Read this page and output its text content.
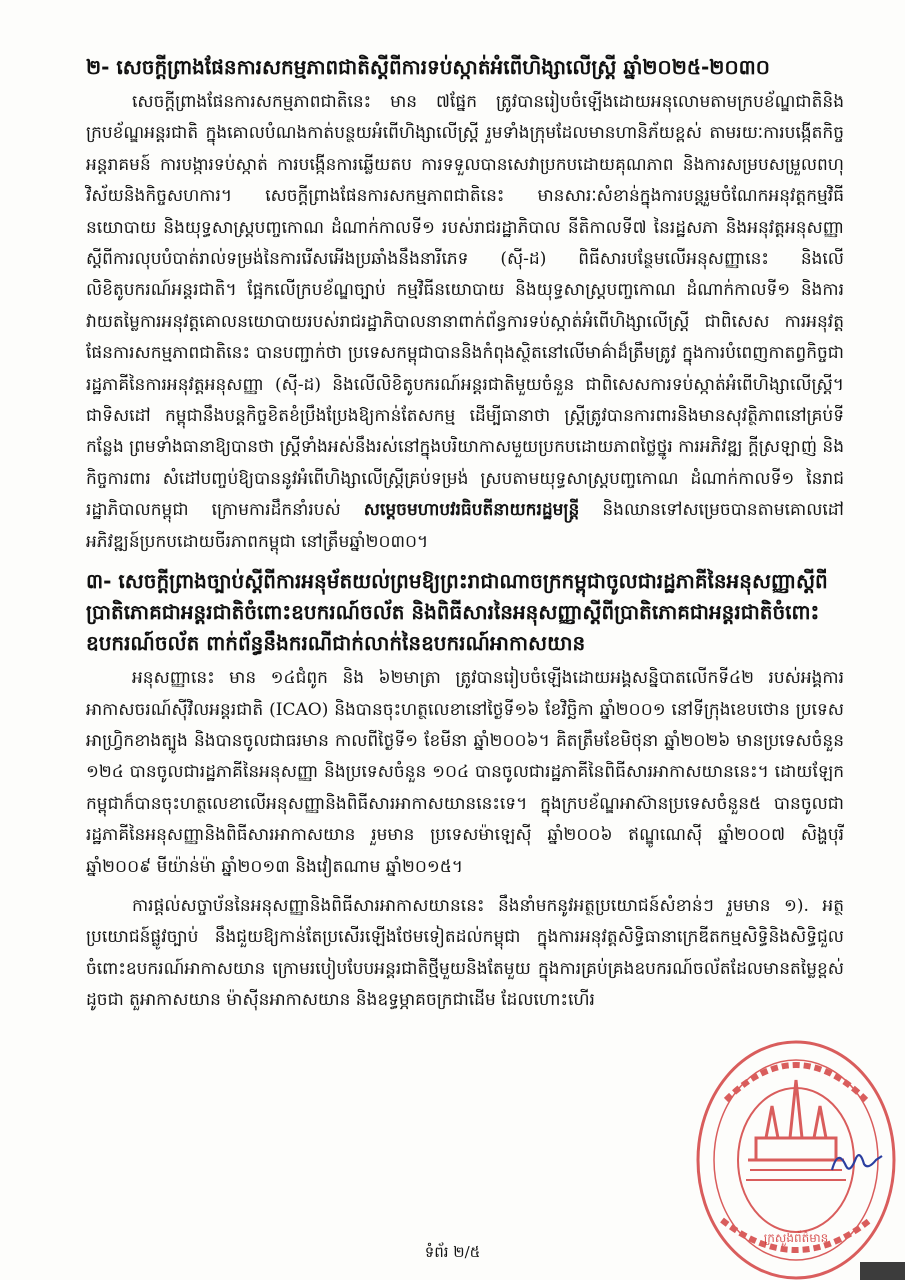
២- សេចក្តីព្រាងផែនការសកម្មភាពជាតិស្តីពីការទប់ស្កាត់អំពើហិង្សាលើស្ត្រី ឆ្នាំ២០២៥-២០៣០

សេចក្តីព្រាងផែនការសកម្មភាពជាតិនេះ មាន ៧ផ្នែក ត្រូវបានរៀបចំឡើងដោយអនុលោមតាមក្របខ័ណ្ឌជាតិនិងក្របខ័ណ្ឌអន្តរជាតិ ក្នុងគោលបំណងកាត់បន្ថយអំពើហិង្សាលើស្ត្រី រួមទាំងក្រុមដែលមានហានិភ័យខ្ពស់ តាមរយៈការបង្កើតកិច្ចអន្តរាគមន៍ ការបង្ការទប់ស្កាត់ ការបង្កើនការឆ្លើយតប ការទទួលបានសេវាប្រកបដោយគុណភាព និងការសម្របសម្រួលពហុវិស័យនិងកិច្ចសហការ។ សេចក្តីព្រាងផែនការសកម្មភាពជាតិនេះ មានសារៈសំខាន់ក្នុងការបន្តរួមចំណែកអនុវត្តកម្មវិធីនយោបាយ និងយុទ្ធសាស្ត្របញ្ចកោណ ដំណាក់កាលទី១ របស់រាជរដ្ឋាភិបាល នីតិកាលទី៧ នៃរដ្ឋសភា និងអនុវត្តអនុសញ្ញាស្តីពីការលុបបំបាត់រាល់ទម្រង់នៃការរើសអើងប្រឆាំងនឹងនារីភេទ (ស៊ី-ដ) ពិធីសារបន្ថែមលើអនុសញ្ញានេះ និងលើលិខិតូបករណ៍អន្តរជាតិ។ ផ្អែកលើក្របខ័ណ្ឌច្បាប់ កម្មវិធីនយោបាយ និងយុទ្ធសាស្ត្របញ្ចកោណ ដំណាក់កាលទី១ និងការវាយតម្លៃការអនុវត្តគោលនយោបាយរបស់រាជរដ្ឋាភិបាលនានាពាក់ព័ន្ធការទប់ស្កាត់អំពើហិង្សាលើស្ត្រី ជាពិសេស ការអនុវត្តផែនការសកម្មភាពជាតិនេះ បានបញ្ជាក់ថា ប្រទេសកម្ពុជាបាននិងកំពុងស្ថិតនៅលើមាគ៌ាដ៏ត្រឹមត្រូវ ក្នុងការបំពេញកាតព្វកិច្ចជារដ្ឋភាគីនៃការអនុវត្តអនុសញ្ញា (ស៊ី-ដ) និងលើលិខិតូបករណ៍អន្តរជាតិមួយចំនួន ជាពិសេសការទប់ស្កាត់អំពើហិង្សាលើស្ត្រី។ ជាទិសដៅ កម្ពុជានឹងបន្តកិច្ចខិតខំប្រឹងប្រែងឱ្យកាន់តែសកម្ម ដើម្បីធានាថា ស្ត្រីត្រូវបានការពារនិងមានសុវត្ថិភាពនៅគ្រប់ទីកន្លែង ព្រមទាំងធានាឱ្យបានថា ស្ត្រីទាំងអស់នឹងរស់នៅក្នុងបរិយាកាសមួយប្រកបដោយភាពថ្លៃថ្នូរ ការអភិវឌ្ឍ ក្តីស្រឡាញ់ និងកិច្ចការពារ សំដៅបញ្ចប់ឱ្យបាននូវអំពើហិង្សាលើស្ត្រីគ្រប់ទម្រង់ ស្របតាមយុទ្ធសាស្ត្របញ្ចកោណ ដំណាក់កាលទី១ នៃរាជរដ្ឋាភិបាលកម្ពុជា ក្រោមការដឹកនាំរបស់ សម្តេចមហាបវរធិបតីនាយករដ្ឋមន្ត្រី និងឈានទៅសម្រេចបានតាមគោលដៅអភិវឌ្ឍន៍ប្រកបដោយចីរភាពកម្ពុជា នៅត្រឹមឆ្នាំ២០៣០។

៣- សេចក្តីព្រាងច្បាប់ស្តីពីការអនុម័តយល់ព្រមឱ្យព្រះរាជាណាចក្រកម្ពុជាចូលជារដ្ឋភាគីនៃអនុសញ្ញាស្តីពីប្រាតិភោគជាអន្តរជាតិចំពោះឧបករណ៍ចល័ត និងពិធីសារនៃអនុសញ្ញាស្តីពីប្រាតិភោគជាអន្តរជាតិចំពោះឧបករណ៍ចល័ត ពាក់ព័ន្ធនឹងករណីជាក់លាក់នៃឧបករណ៍អាកាសយាន

អនុសញ្ញានេះ មាន ១៤ជំពូក និង ៦២មាត្រា ត្រូវបានរៀបចំឡើងដោយអង្គសន្និបាតលើកទី៤២ របស់អង្គការអាកាសចរណ៍ស៊ីវិលអន្តរជាតិ (ICAO) និងបានចុះហត្ថលេខានៅថ្ងៃទី១៦ ខែវិច្ឆិកា ឆ្នាំ២០០១ នៅទីក្រុងខេបថោន ប្រទេសអាហ្វ្រិកខាងត្បូង និងបានចូលជាធរមាន កាលពីថ្ងៃទី១ ខែមីនា ឆ្នាំ២០០៦។ គិតត្រឹមខែមិថុនា ឆ្នាំ២០២៦ មានប្រទេសចំនួន ១២៤ បានចូលជារដ្ឋភាគីនៃអនុសញ្ញា និងប្រទេសចំនួន ១០៤ បានចូលជារដ្ឋភាគីនៃពិធីសារអាកាសយាននេះ។ ដោយឡែក កម្ពុជាក៏បានចុះហត្ថលេខាលើអនុសញ្ញានិងពិធីសារអាកាសយាននេះទេ។ ក្នុងក្របខ័ណ្ឌអាស៊ានប្រទេសចំនួន៥ បានចូលជារដ្ឋភាគីនៃអនុសញ្ញានិងពិធីសារអាកាសយាន រួមមាន ប្រទេសម៉ាឡេស៊ី ឆ្នាំ២០០៦ ឥណ្ឌូណេស៊ី ឆ្នាំ២០០៧ សិង្ហបុរី ឆ្នាំ២០០៩ មីយ៉ាន់ម៉ា ឆ្នាំ២០១៣ និងវៀតណាម ឆ្នាំ២០១៥។

ការផ្តល់សច្ចាប័ននៃអនុសញ្ញានិងពិធីសារអាកាសយាននេះ នឹងនាំមកនូវអត្ថប្រយោជន៍សំខាន់ៗ រួមមាន ១). អត្ថប្រយោជន៍ផ្លូវច្បាប់ នឹងជួយឱ្យកាន់តែប្រសើរឡើងថែមទៀតដល់កម្ពុជា ក្នុងការអនុវត្តសិទ្ធិធានាក្រេឌីតកម្មសិទ្ធិនិងសិទ្ធិជួលចំពោះឧបករណ៍អាកាសយាន ក្រោមរបៀបបែបអន្តរជាតិថ្មីមួយនិងតែមួយ ក្នុងការគ្រប់គ្រងឧបករណ៍ចល័តដែលមានតម្លៃខ្ពស់ ដូចជា តួអាកាសយាន ម៉ាស៊ីនអាកាសយាន និងឧទ្ធម្ភាគចក្រជាដើម ដែលហោះហើរ

ទំព័រ ២/៥
ក្រសួងព័ត៌មាន
